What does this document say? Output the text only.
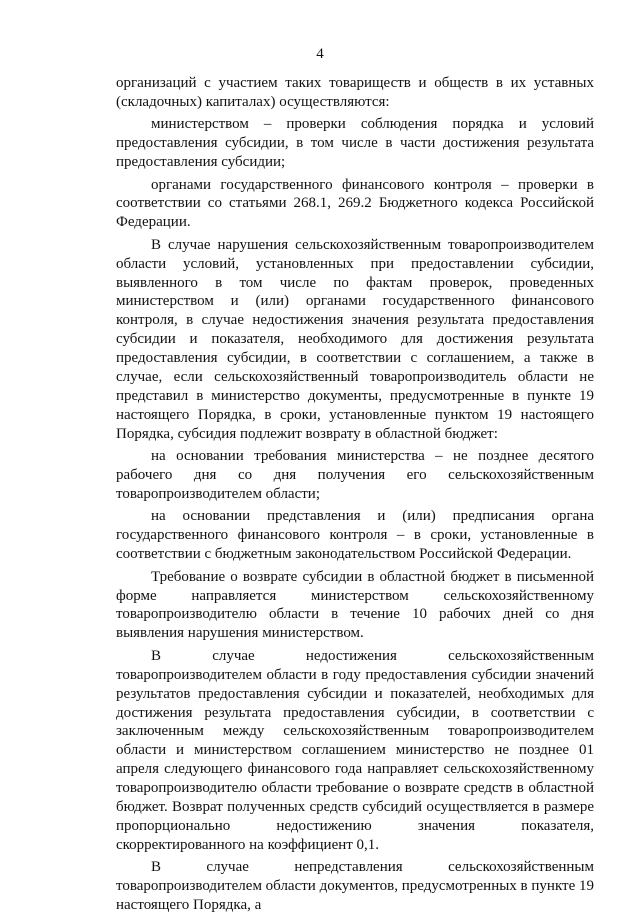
4

организаций с участием таких товариществ и обществ в их уставных (складочных) капиталах) осуществляются:

министерством – проверки соблюдения порядка и условий предоставления субсидии, в том числе в части достижения результата предоставления субсидии;

органами государственного финансового контроля – проверки в соответствии со статьями 268.1, 269.2 Бюджетного кодекса Российской Федерации.

В случае нарушения сельскохозяйственным товаропроизводителем области условий, установленных при предоставлении субсидии, выявленного в том числе по фактам проверок, проведенных министерством и (или) органами государственного финансового контроля, в случае недостижения значения результата предоставления субсидии и показателя, необходимого для достижения результата предоставления субсидии, в соответствии с соглашением, а также в случае, если сельскохозяйственный товаропроизводитель области не представил в министерство документы, предусмотренные в пункте 19 настоящего Порядка, в сроки, установленные пунктом 19 настоящего Порядка, субсидия подлежит возврату в областной бюджет:

на основании требования министерства – не позднее десятого рабочего дня со дня получения его сельскохозяйственным товаропроизводителем области;

на основании представления и (или) предписания органа государственного финансового контроля – в сроки, установленные в соответствии с бюджетным законодательством Российской Федерации.

Требование о возврате субсидии в областной бюджет в письменной форме направляется министерством сельскохозяйственному товаропроизводителю области в течение 10 рабочих дней со дня выявления нарушения министерством.

В случае недостижения сельскохозяйственным товаропроизводителем области в году предоставления субсидии значений результатов предоставления субсидии и показателей, необходимых для достижения результата предоставления субсидии, в соответствии с заключенным между сельскохозяйственным товаропроизводителем области и министерством соглашением министерство не позднее 01 апреля следующего финансового года направляет сельскохозяйственному товаропроизводителю области требование о возврате средств в областной бюджет. Возврат полученных средств субсидий осуществляется в размере пропорционально недостижению значения показателя, скорректированного на коэффициент 0,1.

В случае непредставления сельскохозяйственным товаропроизводителем области документов, предусмотренных в пункте 19 настоящего Порядка, а
